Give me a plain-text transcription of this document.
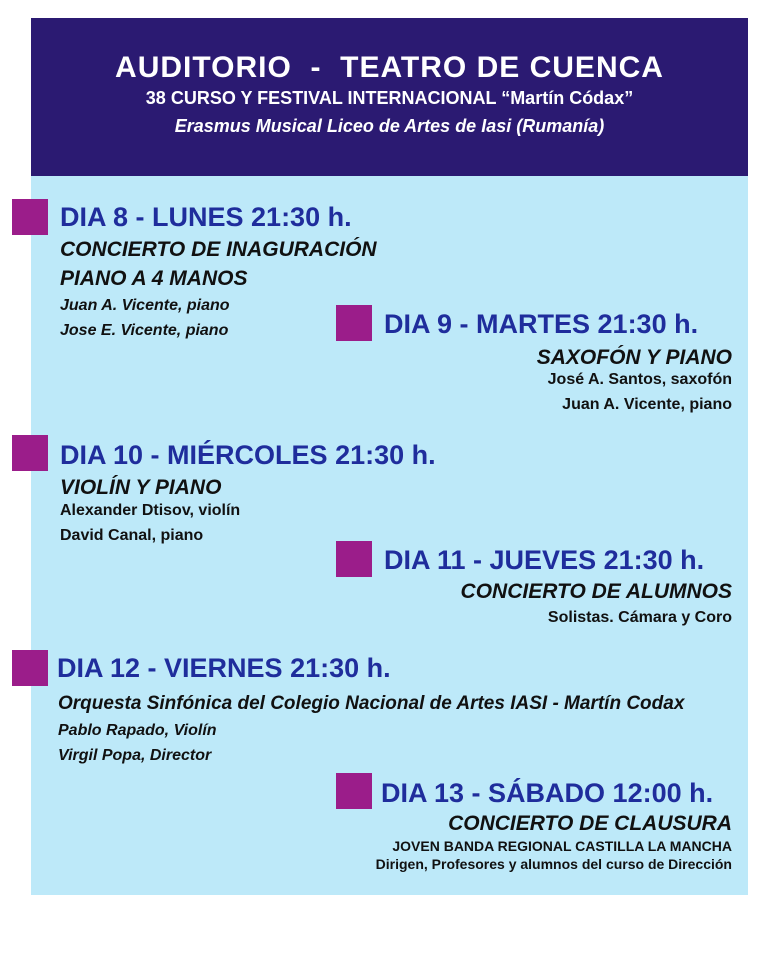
AUDITORIO  -  TEATRO DE CUENCA
38 CURSO Y FESTIVAL INTERNACIONAL “Martín Códax”
Erasmus Musical Liceo de Artes de Iasi (Rumanía)
DIA 8 - LUNES 21:30 h.
CONCIERTO DE INAGURACIÓN
PIANO A 4 MANOS
Juan A. Vicente, piano
Jose E. Vicente, piano	DIA 9 - MARTES 21:30 h.
SAXOFÓN Y PIANO
José A. Santos, saxofón
Juan A. Vicente, piano
DIA 10 - MIÉRCOLES 21:30 h.
VIOLÍN Y PIANO
Alexander Dtisov, violín
David Canal, piano
DIA 11 - JUEVES 21:30 h.
CONCIERTO DE ALUMNOS
Solistas. Cámara y Coro
DIA 12 - VIERNES 21:30 h.
Orquesta Sinfónica del Colegio Nacional de Artes IASI - Martín Codax
Pablo Rapado, Violín
Virgil Popa, Director
DIA 13 - SÁBADO 12:00 h.
CONCIERTO DE CLAUSURA
JOVEN BANDA REGIONAL CASTILLA LA MANCHA
Dirigen, Profesores y alumnos del curso de Dirección
